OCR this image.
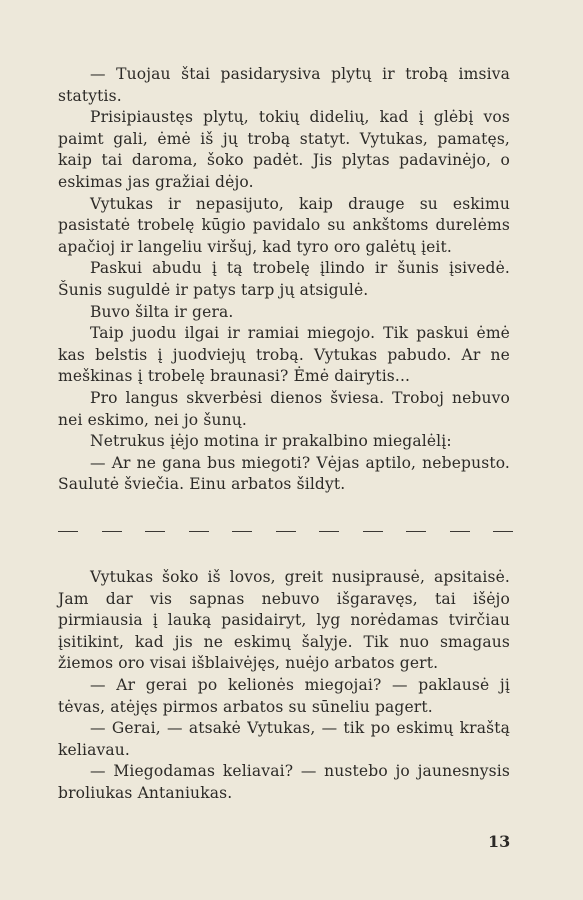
— Tuojau štai pasidarysiva plytų ir trobą imsiva statytis.

Prisipiaustęs plytų, tokių didelių, kad į glėbį vos paimt gali, ėmė iš jų trobą statyt. Vytukas, pamatęs, kaip tai daroma, šoko padėt. Jis plytas padavinėjo, o eskimas jas gražiai dėjo.

Vytukas ir nepasijuto, kaip drauge su eskimu pasistatė trobelę kūgio pavidalo su ankštoms durelėms apačioj ir langeliu viršuj, kad tyro oro galėtų įeit.

Paskui abudu į tą trobelę įlindo ir šunis įsivedė. Šunis suguldė ir patys tarp jų atsigulė.

Buvo šilta ir gera.

Taip juodu ilgai ir ramiai miegojo. Tik paskui ėmė kas belstis į juodviejų trobą. Vytukas pabudo. Ar ne meškinas į trobelę braunasi? Ėmė dairytis...

Pro langus skverbėsi dienos šviesa. Troboj nebuvo nei eskimo, nei jo šunų.

Netrukus įėjo motina ir prakalbino miegalėlį:

— Ar ne gana bus miegoti? Vėjas aptilo, nebepusto. Saulutė šviečia. Einu arbatos šildyt.

Vytukas šoko iš lovos, greit nusiprausė, apsitaisė. Jam dar vis sapnas nebuvo išgaravęs, tai išėjo pirmiausia į lauką pasidairyt, lyg norėdamas tvirčiau įsitikint, kad jis ne eskimų šalyje. Tik nuo smagaus žiemos oro visai išblaivėjęs, nuėjo arbatos gert.

— Ar gerai po kelionės miegojai? — paklausė jį tėvas, atėjęs pirmos arbatos su sūneliu pagert.

— Gerai, — atsakė Vytukas, — tik po eskimų kraštą keliavau.

— Miegodamas keliavai? — nustebo jo jaunesnysis broliukas Antaniukas.

13
